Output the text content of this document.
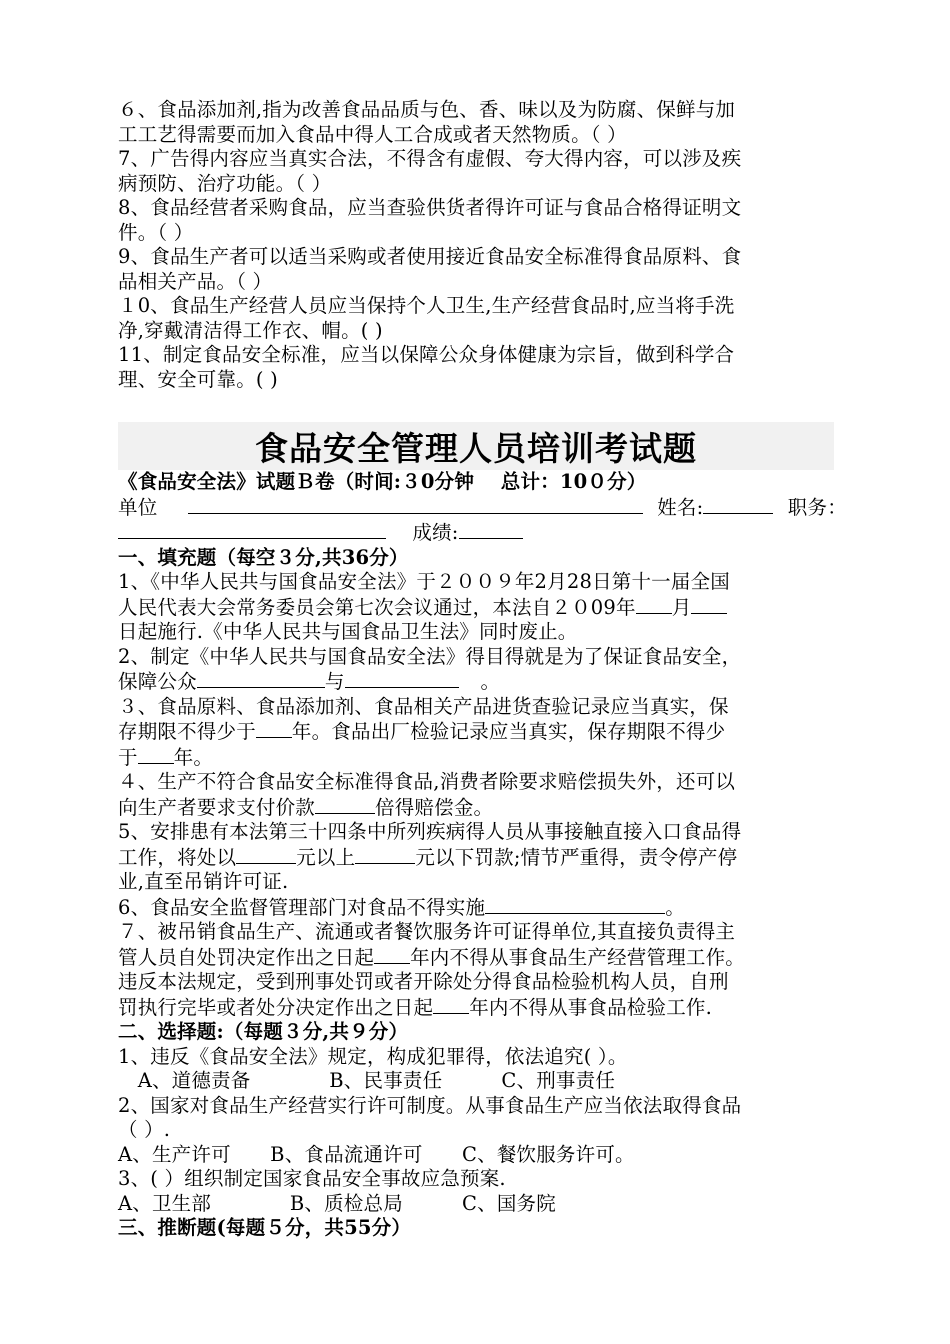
６、食品添加剂,指为改善食品品质与色、香、味以及为防腐、保鲜与加
工工艺得需要而加入食品中得人工合成或者天然物质。（ ）
7、广告得内容应当真实合法，不得含有虚假、夸大得内容，可以涉及疾
病预防、治疗功能。（ ）
8、食品经营者采购食品，应当查验供货者得许可证与食品合格得证明文
件。（ ）
9、食品生产者可以适当采购或者使用接近食品安全标准得食品原料、食
品相关产品。（ ）
１0、食品生产经营人员应当保持个人卫生,生产经营食品时,应当将手洗
净,穿戴清洁得工作衣、帽。( )
11、制定食品安全标准，应当以保障公众身体健康为宗旨，做到科学合
理、安全可靠。( )
食品安全管理人员培训考试题
《食品安全法》试题Ｂ卷（时间:３0分钟　 总计：10０分）
单位	姓名:	职务：
成绩:
一、填充题（每空３分,共36分）
1、《中华人民共与国食品安全法》于２００９年2月28日第十一届全国
人民代表大会常务委员会第七次会议通过，本法自２０09年 月
日起施行.《中华人民共与国食品卫生法》同时废止。
2、制定《中华人民共与国食品安全法》得目得就是为了保证食品安全，
保障公众	与	。
３、食品原料、食品添加剂、食品相关产品进货查验记录应当真实，保
存期限不得少于 年。食品出厂检验记录应当真实，保存期限不得少
于 年。
４、生产不符合食品安全标准得食品,消费者除要求赔偿损失外，还可以
向生产者要求支付价款	倍得赔偿金。
5、安排患有本法第三十四条中所列疾病得人员从事接触直接入口食品得
工作，将处以	元以上	元以下罚款;情节严重得，责令停产停
业,直至吊销许可证.
6、食品安全监督管理部门对食品不得实施	。
７、被吊销食品生产、流通或者餐饮服务许可证得单位,其直接负责得主
管人员自处罚决定作出之日起 年内不得从事食品生产经营管理工作。
违反本法规定，受到刑事处罚或者开除处分得食品检验机构人员，自刑
罚执行完毕或者处分决定作出之日起 年内不得从事食品检验工作.
二、选择题:（每题３分,共９分）
1、违反《食品安全法》规定，构成犯罪得，依法追究( ）。
　A、道德责备　　　　B、民事责任　　　C、刑事责任
2、国家对食品生产经营实行许可制度。从事食品生产应当依法取得食品
（ ）.
A、生产许可　　B、食品流通许可　　C、餐饮服务许可。
3、( ）组织制定国家食品安全事故应急预案.
A、卫生部　　　　B、质检总局　　　C、国务院
三、推断题(每题５分，共55分）
